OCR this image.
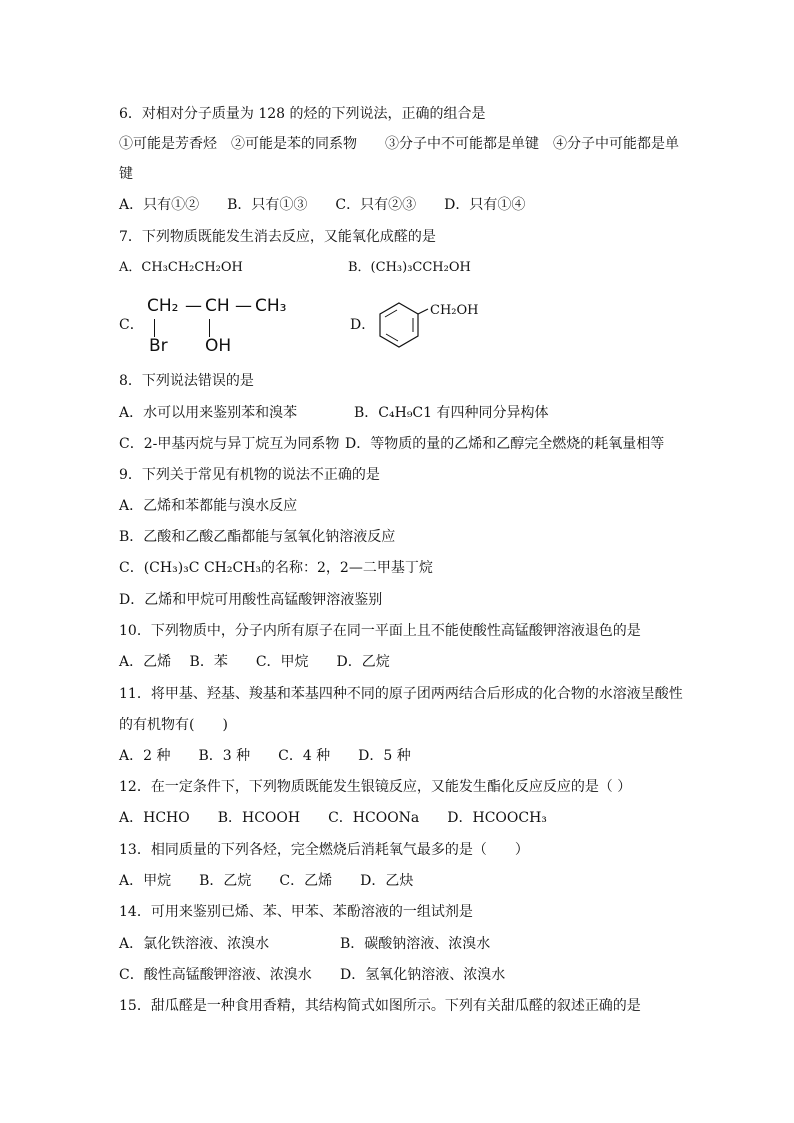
6．对相对分子质量为 128 的烃的下列说法，正确的组合是
①可能是芳香烃　②可能是苯的同系物　　③分子中不可能都是单键　④分子中可能都是单
键
A．只有①②　　B．只有①③　　C．只有②③　　D．只有①④
7．下列物质既能发生消去反应，又能氧化成醛的是
A．CH₃CH₂CH₂OH	B．(CH₃)₃CCH₂OH
C．
CH₂ — CH — CH₃
Br OH
D．
CH₂OH
8．下列说法错误的是
A．水可以用来鉴别苯和溴苯	B．C₄H₉C1 有四种同分异构体
C．2-甲基丙烷与异丁烷互为同系物 D．等物质的量的乙烯和乙醇完全燃烧的耗氧量相等
9．下列关于常见有机物的说法不正确的是
A．乙烯和苯都能与溴水反应
B．乙酸和乙酸乙酯都能与氢氧化钠溶液反应
C．(CH₃)₃C CH₂CH₃的名称：2，2—二甲基丁烷
D．乙烯和甲烷可用酸性高锰酸钾溶液鉴别
10．下列物质中，分子内所有原子在同一平面上且不能使酸性高锰酸钾溶液退色的是
A．乙烯　 B．苯　　C．甲烷　　D．乙烷
11．将甲基、羟基、羧基和苯基四种不同的原子团两两结合后形成的化合物的水溶液呈酸性
的有机物有(　　)
A．2 种　　B．3 种　　C．4 种　　D．5 种
12．在一定条件下，下列物质既能发生银镜反应，又能发生酯化反应反应的是（ ）
A．HCHO　　B．HCOOH　　C．HCOONa　　D．HCOOCH₃
13．相同质量的下列各烃，完全燃烧后消耗氧气最多的是（　　）
A．甲烷　　B．乙烷　　C．乙烯　　D．乙炔
14．可用来鉴别已烯、苯、甲苯、苯酚溶液的一组试剂是
A．氯化铁溶液、浓溴水	B．碳酸钠溶液、浓溴水
C．酸性高锰酸钾溶液、浓溴水 D．氢氧化钠溶液、浓溴水
15．甜瓜醛是一种食用香精，其结构简式如图所示。下列有关甜瓜醛的叙述正确的是
